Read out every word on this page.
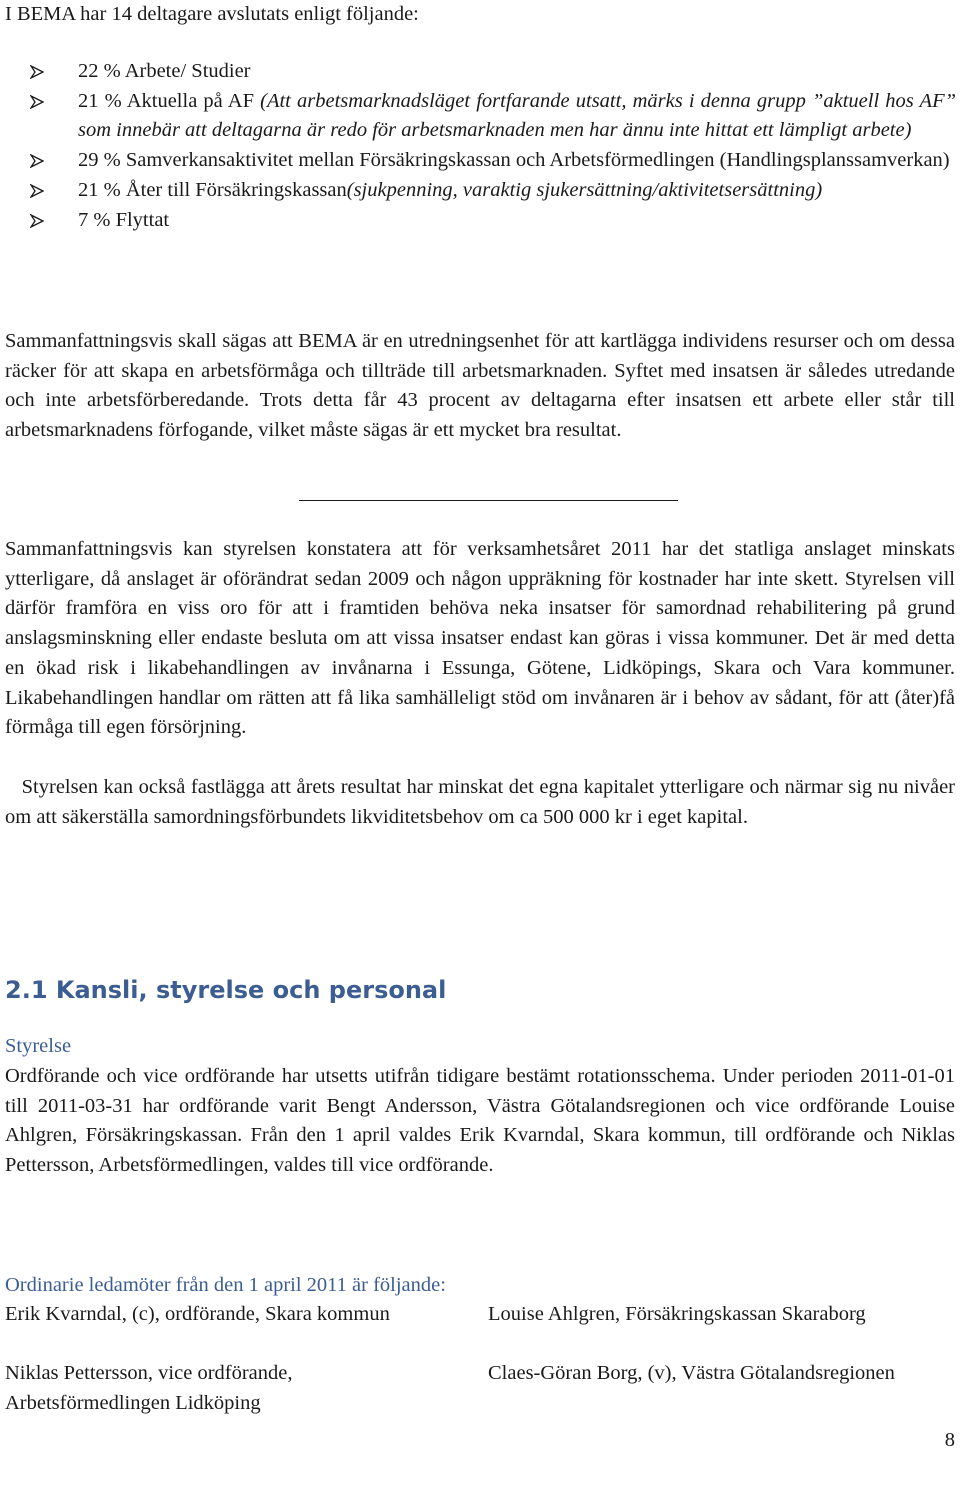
I BEMA har 14 deltagare avslutats enligt följande:

22 % Arbete/ Studier
21 % Aktuella på AF (Att arbetsmarknadsläget fortfarande utsatt, märks i denna grupp ”aktuell hos AF” som innebär att deltagarna är redo för arbetsmarknaden men har ännu inte hittat ett lämpligt arbete)
29 % Samverkansaktivitet mellan Försäkringskassan och Arbetsförmedlingen (Handlingsplanssamverkan)
21 % Åter till Försäkringskassan(sjukpenning, varaktig sjukersättning/aktivitetsersättning)
7 % Flyttat

Sammanfattningsvis skall sägas att BEMA är en utredningsenhet för att kartlägga individens resurser och om dessa räcker för att skapa en arbetsförmåga och tillträde till arbetsmarknaden. Syftet med insatsen är således utredande och inte arbetsförberedande. Trots detta får 43 procent av deltagarna efter insatsen ett arbete eller står till arbetsmarknadens förfogande, vilket måste sägas är ett mycket bra resultat.

Sammanfattningsvis kan styrelsen konstatera att för verksamhetsåret 2011 har det statliga anslaget minskats ytterligare, då anslaget är oförändrat sedan 2009 och någon uppräkning för kostnader har inte skett. Styrelsen vill därför framföra en viss oro för att i framtiden behöva neka insatser för samordnad rehabilitering på grund anslagsminskning eller endaste besluta om att vissa insatser endast kan göras i vissa kommuner. Det är med detta en ökad risk i likabehandlingen av invånarna i Essunga, Götene, Lidköpings, Skara och Vara kommuner. Likabehandlingen handlar om rätten att få lika samhälleligt stöd om invånaren är i behov av sådant, för att (åter)få förmåga till egen försörjning.

Styrelsen kan också fastlägga att årets resultat har minskat det egna kapitalet ytterligare och närmar sig nu nivåer om att säkerställa samordningsförbundets likviditetsbehov om ca 500 000 kr i eget kapital.

2.1 Kansli, styrelse och personal
Styrelse

Ordförande och vice ordförande har utsetts utifrån tidigare bestämt rotationsschema. Under perioden 2011-01-01 till 2011-03-31 har ordförande varit Bengt Andersson, Västra Götalandsregionen och vice ordförande Louise Ahlgren, Försäkringskassan. Från den 1 april valdes Erik Kvarndal, Skara kommun, till ordförande och Niklas Pettersson, Arbetsförmedlingen, valdes till vice ordförande.

Ordinarie ledamöter från den 1 april 2011 är följande:

Erik Kvarndal, (c), ordförande, Skara kommun	Louise Ahlgren, Försäkringskassan Skaraborg

Niklas Pettersson, vice ordförande, Arbetsförmedlingen Lidköping

Claes-Göran Borg, (v), Västra Götalandsregionen

8
